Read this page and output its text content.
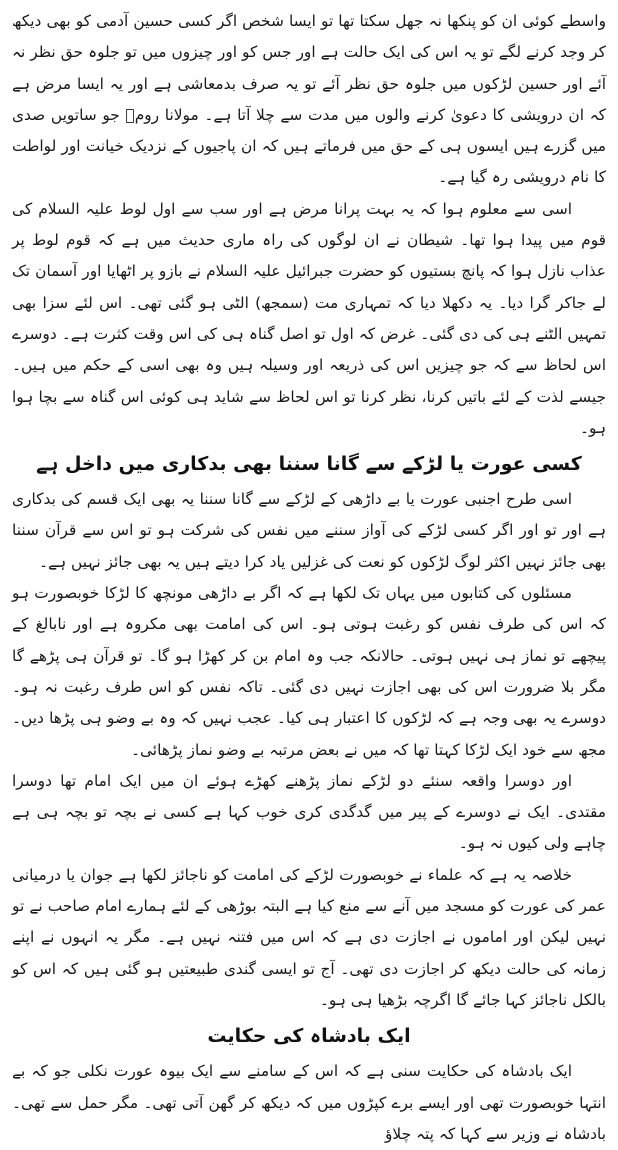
واسطے کوئی ان کو پنکھا نہ جھل سکتا تھا تو ایسا شخص اگر کسی حسین آدمی کو بھی دیکھ کر وجد کرنے لگے تو یہ اس کی ایک حالت ہے اور جس کو اور چیزوں میں تو جلوہ حق نظر نہ آئے اور حسین لڑکوں میں جلوہ حق نظر آئے تو یہ صرف بدمعاشی ہے اور یہ ایسا مرض ہے کہ ان درویشی کا دعویٰ کرنے والوں میں مدت سے چلا آتا ہے۔ مولانا رومؒ جو ساتویں صدی میں گزرے ہیں ایسوں ہی کے حق میں فرماتے ہیں کہ ان پاجیوں کے نزدیک خیانت اور لواطت کا نام درویشی رہ گیا ہے۔

اسی سے معلوم ہوا کہ یہ بہت پرانا مرض ہے اور سب سے اول لوط علیہ السلام کی قوم میں پیدا ہوا تھا۔ شیطان نے ان لوگوں کی راہ ماری حدیث میں ہے کہ قوم لوط پر عذاب نازل ہوا کہ پانچ بستیوں کو حضرت جبرائیل علیہ السلام نے بازو پر اٹھایا اور آسمان تک لے جاکر گرا دیا۔ یہ دکھلا دیا کہ تمہاری مت (سمجھ) الٹی ہو گئی تھی۔ اس لئے سزا بھی تمہیں الٹنے ہی کی دی گئی۔ غرض کہ اول تو اصل گناہ ہی کی اس وقت کثرت ہے۔ دوسرے اس لحاظ سے کہ جو چیزیں اس کی ذریعہ اور وسیلہ ہیں وہ بھی اسی کے حکم میں ہیں۔ جیسے لذت کے لئے باتیں کرنا، نظر کرنا تو اس لحاظ سے شاید ہی کوئی اس گناہ سے بچا ہوا ہو۔

کسی عورت یا لڑکے سے گانا سننا بھی بدکاری میں داخل ہے

اسی طرح اجنبی عورت یا بے داڑھی کے لڑکے سے گانا سننا یہ بھی ایک قسم کی بدکاری ہے اور تو اور اگر کسی لڑکے کی آواز سننے میں نفس کی شرکت ہو تو اس سے قرآن سننا بھی جائز نہیں اکثر لوگ لڑکوں کو نعت کی غزلیں یاد کرا دیتے ہیں یہ بھی جائز نہیں ہے۔

مسئلوں کی کتابوں میں یہاں تک لکھا ہے کہ اگر بے داڑھی مونچھ کا لڑکا خوبصورت ہو کہ اس کی طرف نفس کو رغبت ہوتی ہو۔ اس کی امامت بھی مکروہ ہے اور نابالغ کے پیچھے تو نماز ہی نہیں ہوتی۔ حالانکہ جب وہ امام بن کر کھڑا ہو گا۔ تو قرآن ہی پڑھے گا مگر بلا ضرورت اس کی بھی اجازت نہیں دی گئی۔ تاکہ نفس کو اس طرف رغبت نہ ہو۔ دوسرے یہ بھی وجہ ہے کہ لڑکوں کا اعتبار ہی کیا۔ عجب نہیں کہ وہ بے وضو ہی پڑھا دیں۔ مجھ سے خود ایک لڑکا کہتا تھا کہ میں نے بعض مرتبہ بے وضو نماز پڑھائی۔

اور دوسرا واقعہ سنئے دو لڑکے نماز پڑھنے کھڑے ہوئے ان میں ایک امام تھا دوسرا مقتدی۔ ایک نے دوسرے کے پیر میں گدگدی کری خوب کہا ہے کسی نے بچہ تو بچہ ہی ہے چاہے ولی کیوں نہ ہو۔

خلاصہ یہ ہے کہ علماء نے خوبصورت لڑکے کی امامت کو ناجائز لکھا ہے جوان یا درمیانی عمر کی عورت کو مسجد میں آنے سے منع کیا ہے البتہ بوڑھی کے لئے ہمارے امام صاحب نے تو نہیں لیکن اور اماموں نے اجازت دی ہے کہ اس میں فتنہ نہیں ہے۔ مگر یہ انہوں نے اپنے زمانہ کی حالت دیکھ کر اجازت دی تھی۔ آج تو ایسی گندی طبیعتیں ہو گئی ہیں کہ اس کو بالکل ناجائز کہا جائے گا اگرچہ بڑھیا ہی ہو۔

ایک بادشاہ کی حکایت

ایک بادشاہ کی حکایت سنی ہے کہ اس کے سامنے سے ایک بیوہ عورت نکلی جو کہ بے انتہا خوبصورت تھی اور ایسے برے کپڑوں میں کہ دیکھ کر گھن آتی تھی۔ مگر حمل سے تھی۔ بادشاہ نے وزیر سے کہا کہ پتہ چلاؤ
